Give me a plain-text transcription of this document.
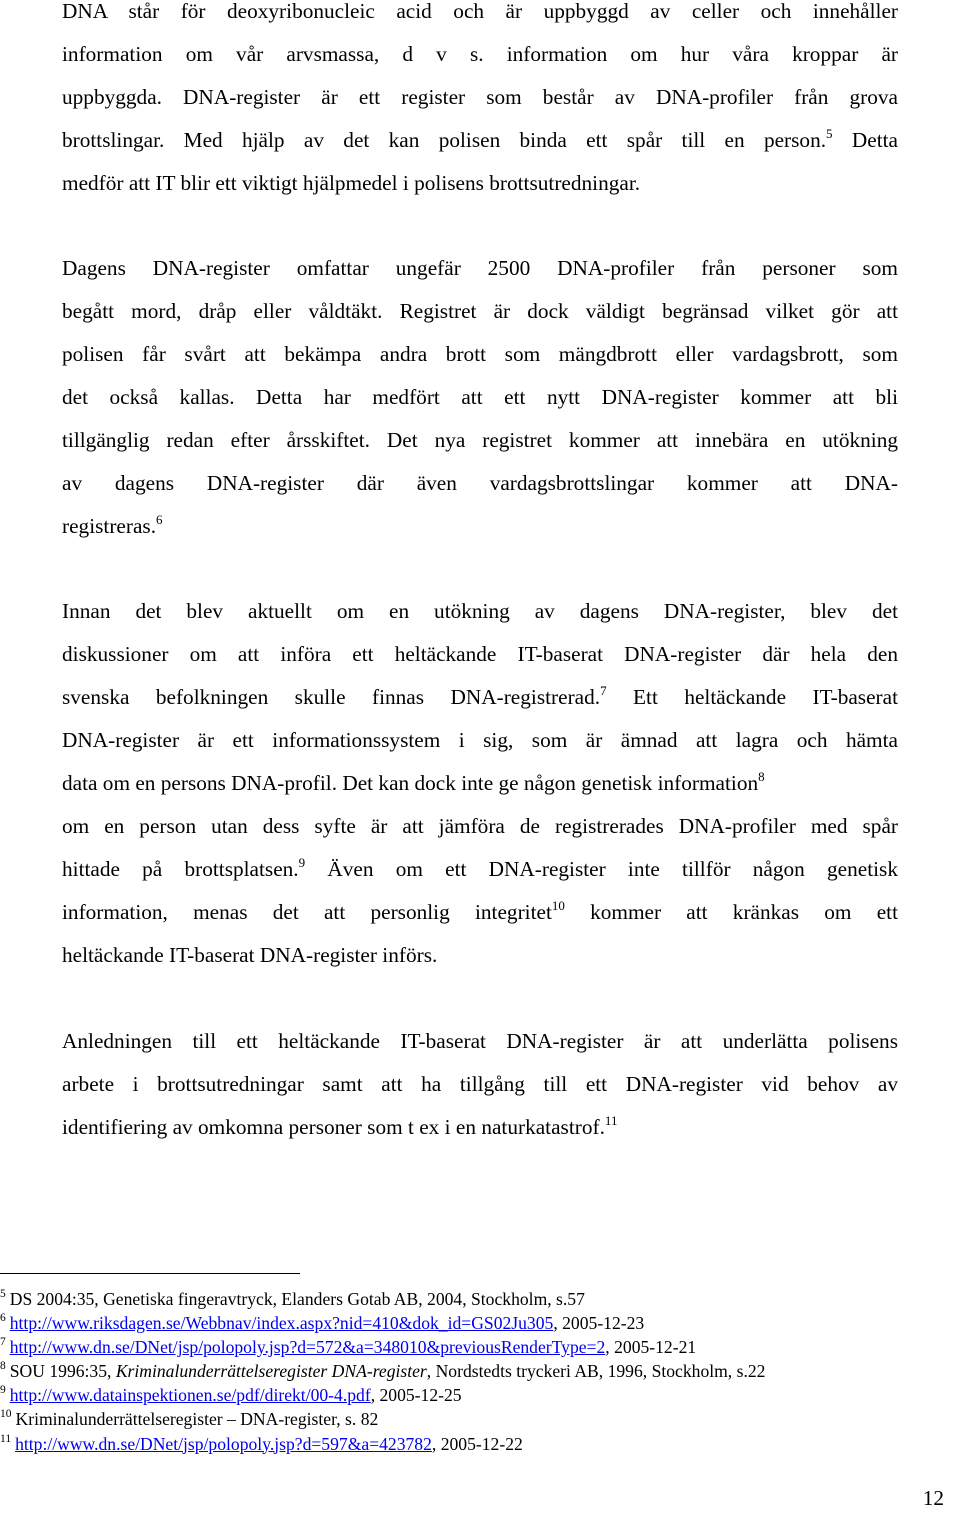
DNA står för deoxyribonucleic acid och är uppbyggd av celler och innehåller
information om vår arvsmassa, d v s. information om hur våra kroppar är
uppbyggda. DNA-register är ett register som består av DNA-profiler från grova
brottslingar. Med hjälp av det kan polisen binda ett spår till en person.$^5$ Detta
medför att IT blir ett viktigt hjälpmedel i polisens brottsutredningar.
Dagens DNA-register omfattar ungefär 2500 DNA-profiler från personer som
begått mord, dråp eller våldtäkt. Registret är dock väldigt begränsad vilket gör att
polisen får svårt att bekämpa andra brott som mängdbrott eller vardagsbrott, som
det också kallas. Detta har medfört att ett nytt DNA-register kommer att bli
tillgänglig redan efter årsskiftet. Det nya registret kommer att innebära en utökning
av dagens DNA-register där även vardagsbrottslingar kommer att DNA-
registreras.$^6$
Innan det blev aktuellt om en utökning av dagens DNA-register, blev det
diskussioner om att införa ett heltäckande IT-baserat DNA-register där hela den
svenska befolkningen skulle finnas DNA-registrerad.$^7$ Ett heltäckande IT-baserat
DNA-register är ett informationssystem i sig, som är ämnad att lagra och hämta
data om en persons DNA-profil. Det kan dock inte ge någon genetisk information$^8$
om en person utan dess syfte är att jämföra de registrerades DNA-profiler med spår
hittade på brottsplatsen.$^9$ Även om ett DNA-register inte tillför någon genetisk
information, menas det att personlig integritet$^{10}$ kommer att kränkas om ett
heltäckande IT-baserat DNA-register införs.
Anledningen till ett heltäckande IT-baserat DNA-register är att underlätta polisens
arbete i brottsutredningar samt att ha tillgång till ett DNA-register vid behov av
identifiering av omkomna personer som t ex i en naturkatastrof.$^{11}$
$^5$ DS 2004:35, Genetiska fingeravtryck, Elanders Gotab AB, 2004, Stockholm, s.57
$^6$ http://www.riksdagen.se/Webbnav/index.aspx?nid=410&dok_id=GS02Ju305, 2005-12-23
$^7$ http://www.dn.se/DNet/jsp/polopoly.jsp?d=572&a=348010&previousRenderType=2, 2005-12-21
$^8$ SOU 1996:35, Kriminalunderrättelseregister DNA-register, Nordstedts tryckeri AB, 1996, Stockholm, s.22
$^9$ http://www.datainspektionen.se/pdf/direkt/00-4.pdf, 2005-12-25
$^{10}$ Kriminalunderrättelseregister – DNA-register, s. 82
$^{11}$ http://www.dn.se/DNet/jsp/polopoly.jsp?d=597&a=423782, 2005-12-22
12
